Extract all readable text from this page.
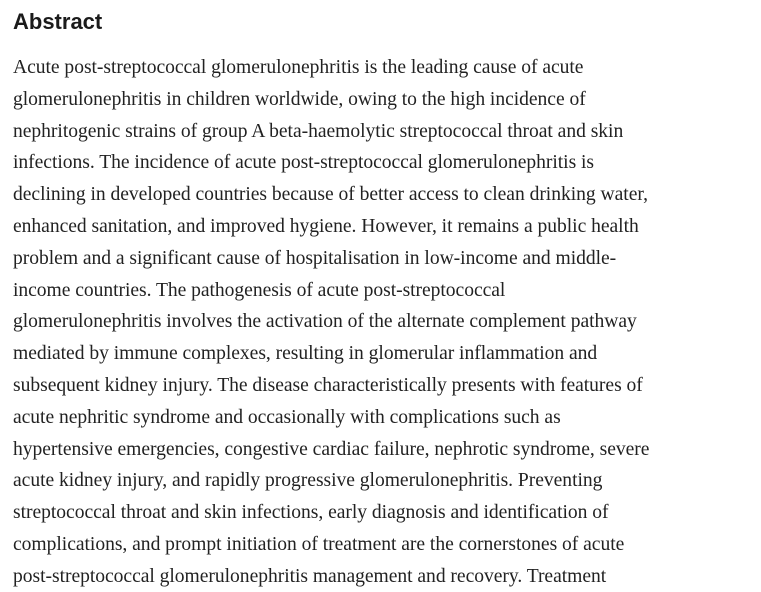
Abstract
Acute post-streptococcal glomerulonephritis is the leading cause of acute
glomerulonephritis in children worldwide, owing to the high incidence of
nephritogenic strains of group A beta-haemolytic streptococcal throat and skin
infections. The incidence of acute post-streptococcal glomerulonephritis is
declining in developed countries because of better access to clean drinking water,
enhanced sanitation, and improved hygiene. However, it remains a public health
problem and a significant cause of hospitalisation in low-income and middle-
income countries. The pathogenesis of acute post-streptococcal
glomerulonephritis involves the activation of the alternate complement pathway
mediated by immune complexes, resulting in glomerular inflammation and
subsequent kidney injury. The disease characteristically presents with features of
acute nephritic syndrome and occasionally with complications such as
hypertensive emergencies, congestive cardiac failure, nephrotic syndrome, severe
acute kidney injury, and rapidly progressive glomerulonephritis. Preventing
streptococcal throat and skin infections, early diagnosis and identification of
complications, and prompt initiation of treatment are the cornerstones of acute
post-streptococcal glomerulonephritis management and recovery. Treatment
